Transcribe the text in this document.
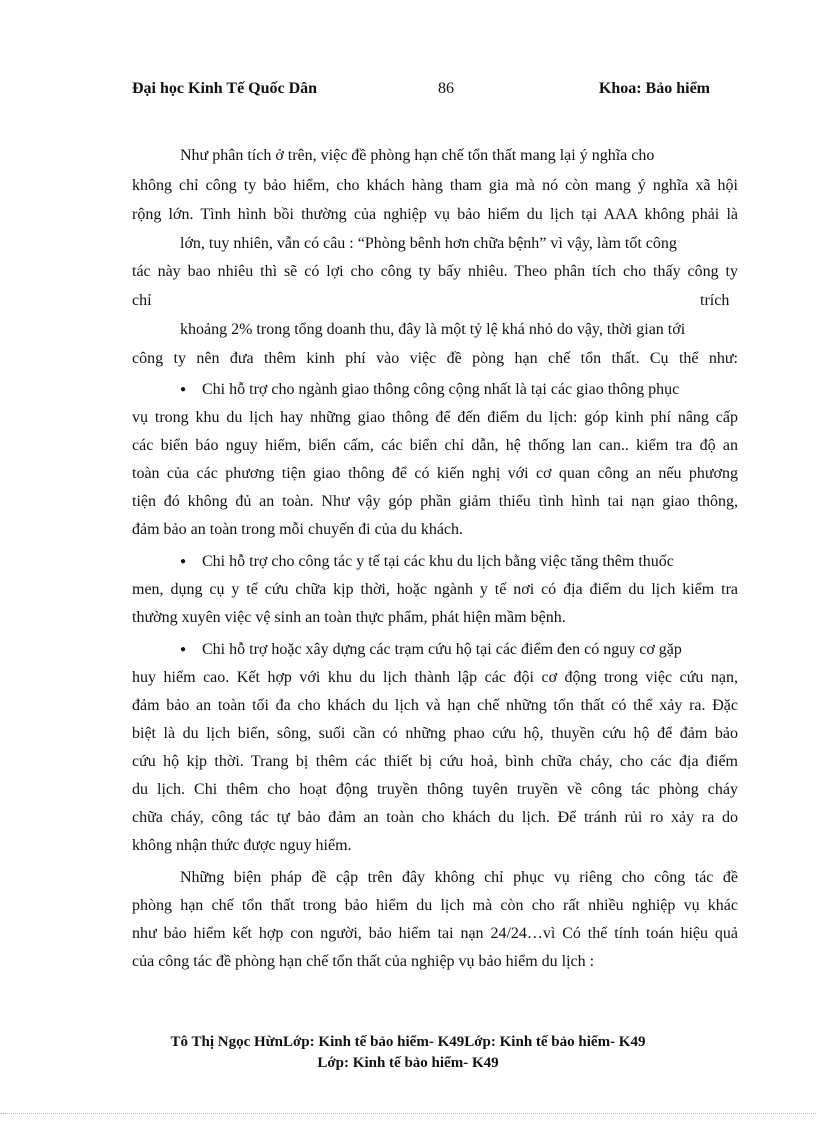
Đại học Kinh Tế Quốc Dân	86	Khoa: Bảo hiểm
Như phân tích ở trên, việc đề phòng hạn chế tổn thất mang lại ý nghĩa cho
không chỉ công ty bảo hiểm, cho khách hàng tham gia mà nó còn mang ý nghĩa xã hội
rộng lớn. Tình hình bồi thường của nghiệp vụ bảo hiểm du lịch tại AAA không phải là
lớn, tuy nhiên, vẫn có câu : “Phòng bênh hơn chữa bệnh” vì vậy, làm tốt công
tác này bao nhiêu thì sẽ có lợi cho công ty bấy nhiêu. Theo phân tích cho thấy công ty
chỉ	trích
khoảng 2% trong tổng doanh thu, đây là một tỷ lệ khá nhỏ do vậy, thời gian tới
công ty nên đưa thêm kinh phí vào việc đề pòng hạn chế tổn thất. Cụ thể như:
● Chi hỗ trợ cho ngành giao thông công cộng nhất là tại các giao thông phục
vụ trong khu du lịch hay những giao thông để đến điểm du lịch: góp kinh phí nâng cấp
các biển báo nguy hiểm, biển cấm, các biển chỉ dẫn, hệ thống lan can.. kiểm tra độ an
toàn của các phương tiện giao thông để có kiến nghị với cơ quan công an nếu phương
tiện đó không đủ an toàn. Như vậy góp phần giảm thiểu tình hình tai nạn giao thông,
đảm bảo an toàn trong mỗi chuyến đi của du khách.
● Chi hỗ trợ cho công tác y tế tại các khu du lịch bằng việc tăng thêm thuốc
men, dụng cụ y tế cứu chữa kịp thời, hoặc ngành y tế nơi có địa điểm du lịch kiểm tra
thường xuyên việc vệ sinh an toàn thực phẩm, phát hiện mầm bệnh.
● Chi hỗ trợ hoặc xây dựng các trạm cứu hộ tại các điểm đen có nguy cơ gặp
huy hiểm cao. Kết hợp với khu du lịch thành lập các đội cơ động trong việc cứu nạn,
đảm bảo an toàn tối đa cho khách du lịch và hạn chế những tổn thất có thể xảy ra. Đặc
biệt là du lịch biển, sông, suối cần có những phao cứu hộ, thuyền cứu hộ để đảm bảo
cứu hộ kịp thời. Trang bị thêm các thiết bị cứu hoả, bình chữa cháy, cho các địa điểm
du lịch. Chi thêm cho hoạt động truyền thông tuyên truyền về công tác phòng cháy
chữa cháy, công tác tự bảo đảm an toàn cho khách du lịch. Để tránh rủi ro xảy ra do
không nhận thức được nguy hiểm.
Những biện pháp đề cập trên đây không chỉ phục vụ riêng cho công tác đề
phòng hạn chế tổn thất trong bảo hiểm du lịch mà còn cho rất nhiều nghiệp vụ khác
như bảo hiểm kết hợp con người, bảo hiểm tai nạn 24/24…vì Có thể tính toán hiệu quả
của công tác đề phòng hạn chế tổn thất của nghiệp vụ bảo hiểm du lịch :
Tô Thị Ngọc HừnLớp: Kinh tế bảo hiểm- K49Lớp: Kinh tế bảo hiểm- K49
Lớp: Kinh tế bảo hiểm- K49
